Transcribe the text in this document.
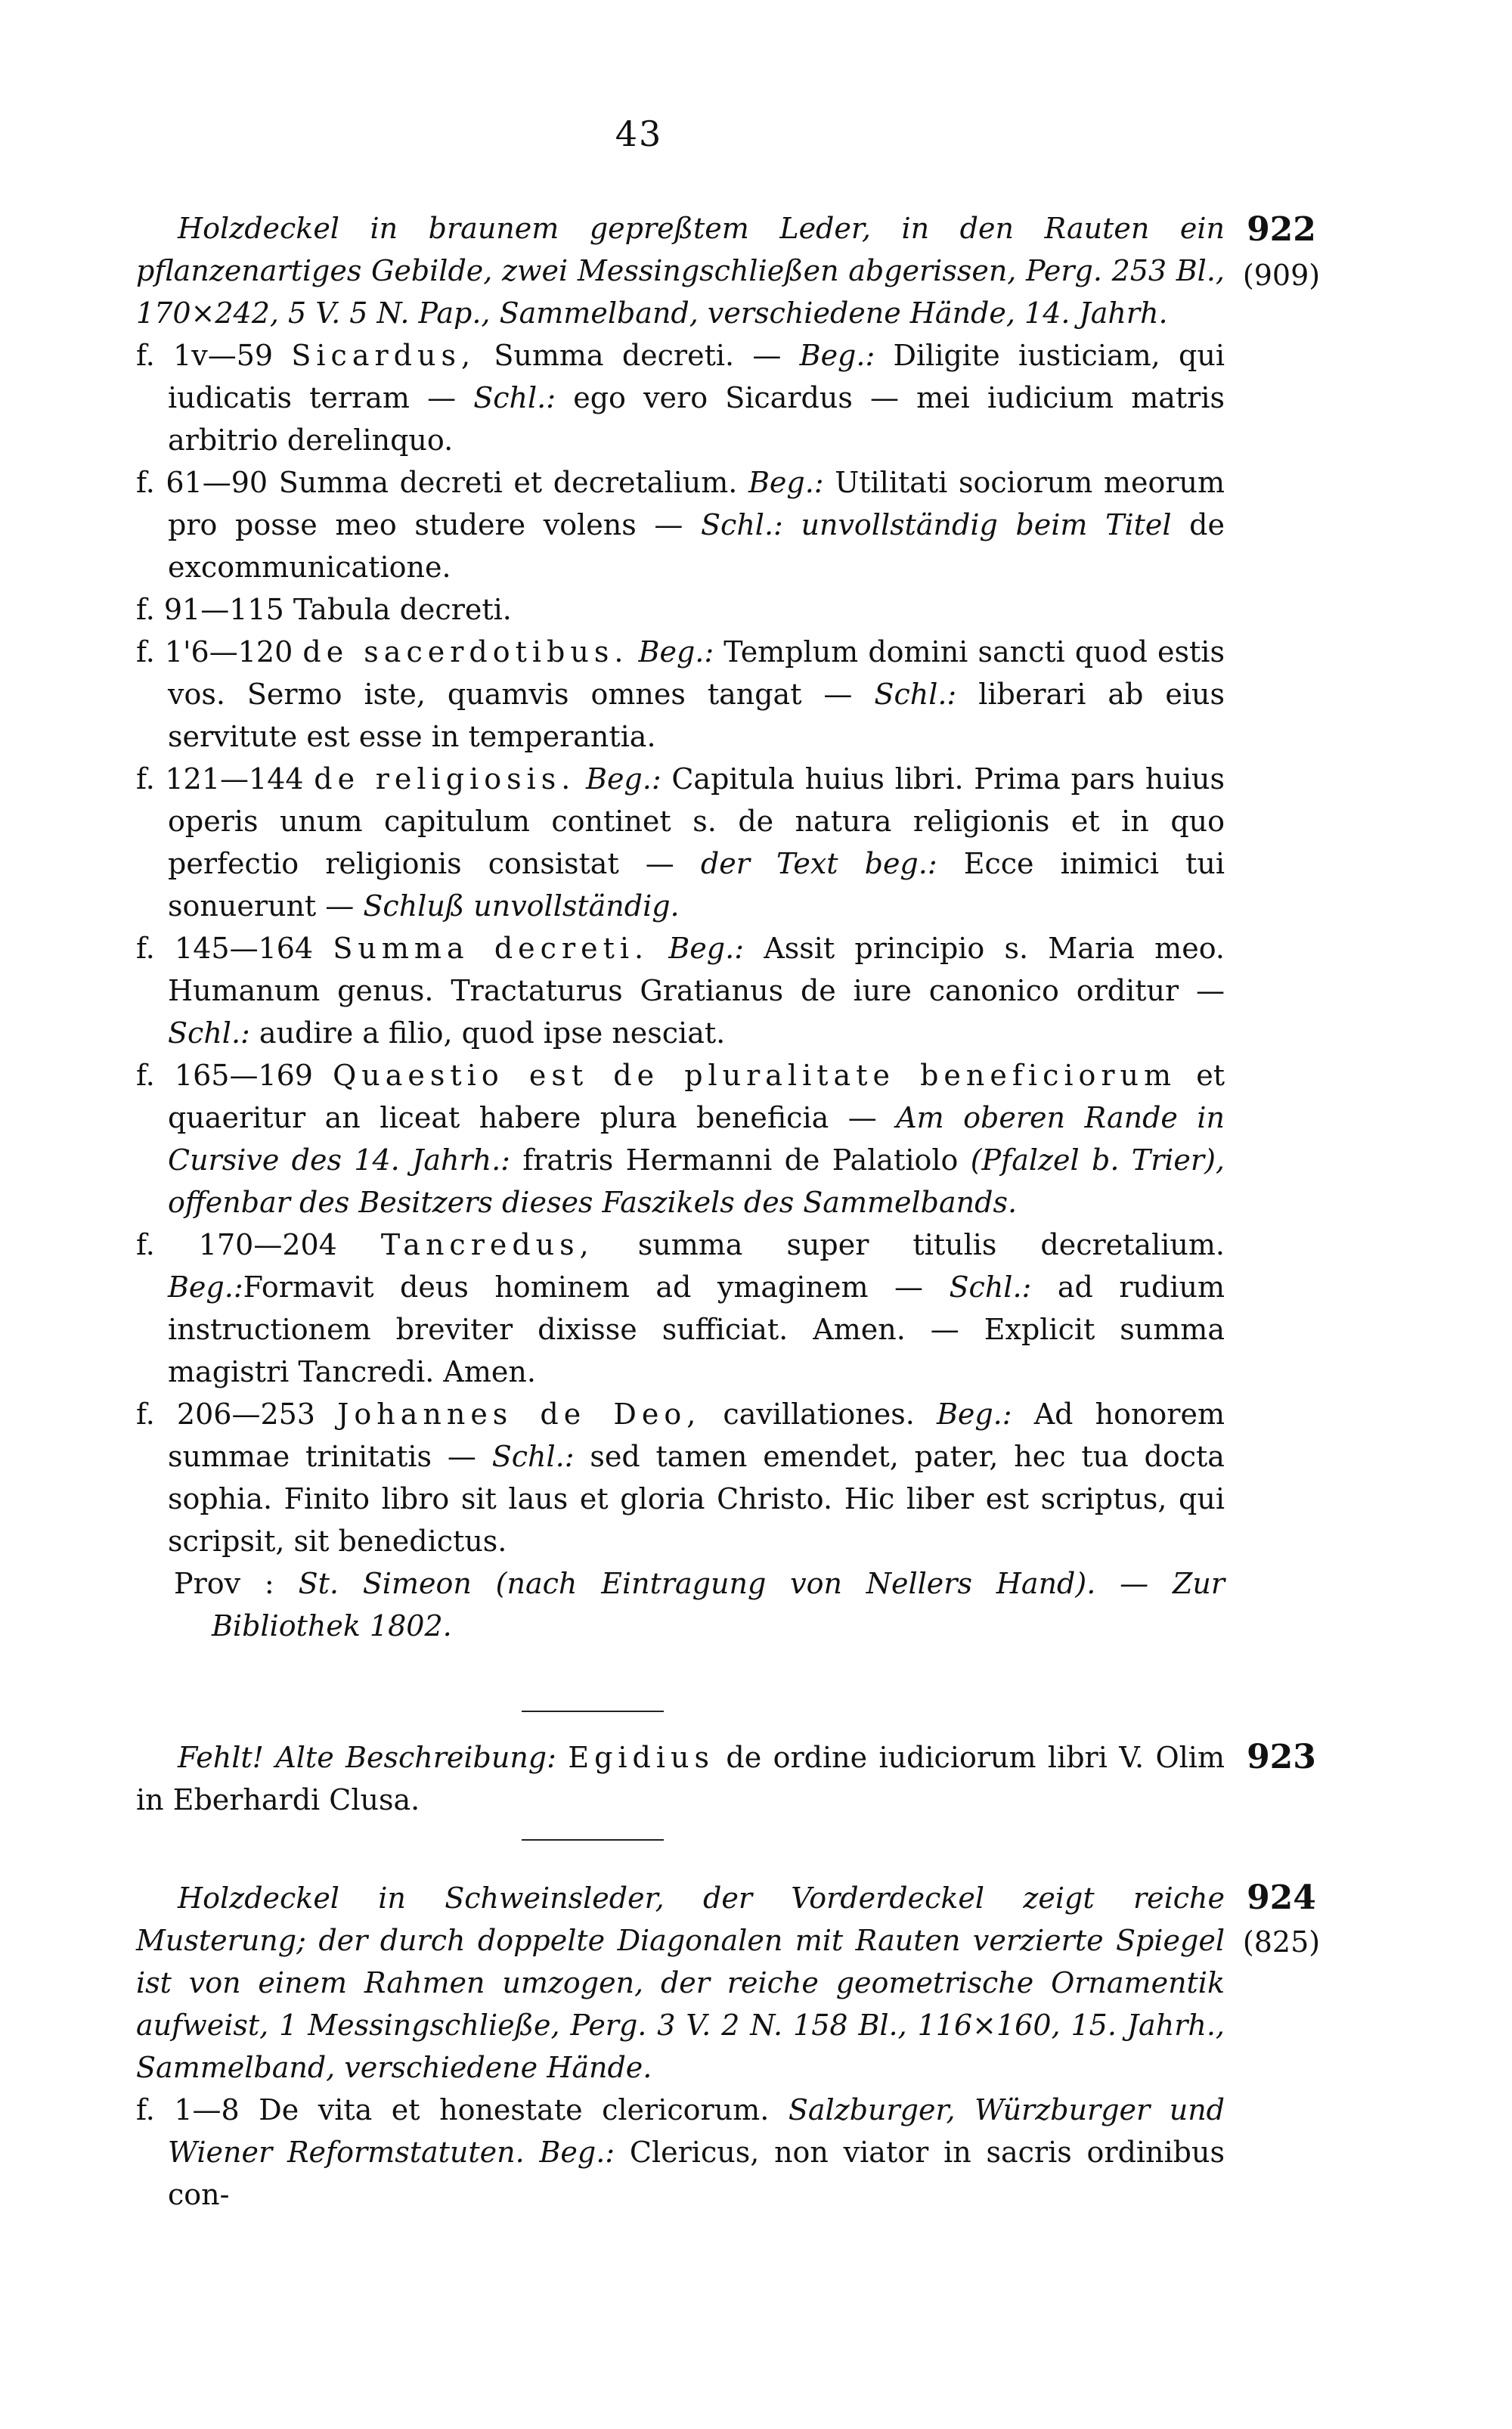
43
922
(909)
Holzdeckel in braunem gepreßtem Leder, in den Rauten ein pflanzenartiges Gebilde, zwei Messingschließen abgerissen, Perg. 253 Bl., 170×242, 5 V. 5 N. Pap., Sammelband, verschiedene Hände, 14. Jahrh.

f. 1v—59 Sicardus, Summa decreti. — Beg.: Diligite iusticiam, qui iudicatis terram — Schl.: ego vero Sicardus — mei iudicium matris arbitrio derelinquo.

f. 61—90 Summa decreti et decretalium. Beg.: Utilitati sociorum meorum pro posse meo studere volens — Schl.: unvollständig beim Titel de excommunicatione.

f. 91—115 Tabula decreti.

f. 1'6—120 de sacerdotibus. Beg.: Templum domini sancti quod estis vos. Sermo iste, quamvis omnes tangat — Schl.: liberari ab eius servitute est esse in temperantia.

f. 121—144 de religiosis. Beg.: Capitula huius libri. Prima pars huius operis unum capitulum continet s. de natura religionis et in quo perfectio religionis consistat — der Text beg.: Ecce inimici tui sonuerunt — Schluß unvollständig.

f. 145—164 Summa decreti. Beg.: Assit principio s. Maria meo. Humanum genus. Tractaturus Gratianus de iure canonico orditur — Schl.: audire a filio, quod ipse nesciat.

f. 165—169 Quaestio est de pluralitate beneficiorum et quaeritur an liceat habere plura beneficia — Am oberen Rande in Cursive des 14. Jahrh.: fratris Hermanni de Palatiolo (Pfalzel b. Trier), offenbar des Besitzers dieses Faszikels des Sammelbands.

f. 170—204 Tancredus, summa super titulis decretalium. Beg.:Formavit deus hominem ad ymaginem — Schl.: ad rudium instructionem breviter dixisse sufficiat. Amen. — Explicit summa magistri Tancredi. Amen.

f. 206—253 Johannes de Deo, cavillationes. Beg.: Ad honorem summae trinitatis — Schl.: sed tamen emendet, pater, hec tua docta sophia. Finito libro sit laus et gloria Christo. Hic liber est scriptus, qui scripsit, sit benedictus.

Prov : St. Simeon (nach Eintragung von Nellers Hand). — Zur Bibliothek 1802.

923
Fehlt! Alte Beschreibung: Egidius de ordine iudiciorum libri V. Olim in Eberhardi Clusa.
924
(825)
Holzdeckel in Schweinsleder, der Vorderdeckel zeigt reiche Musterung; der durch doppelte Diagonalen mit Rauten verzierte Spiegel ist von einem Rahmen umzogen, der reiche geometrische Ornamentik aufweist, 1 Messingschließe, Perg. 3 V. 2 N. 158 Bl., 116×160, 15. Jahrh., Sammelband, verschiedene Hände.

f. 1—8 De vita et honestate clericorum. Salzburger, Würzburger und Wiener Reformstatuten. Beg.: Clericus, non viator in sacris ordinibus con-
